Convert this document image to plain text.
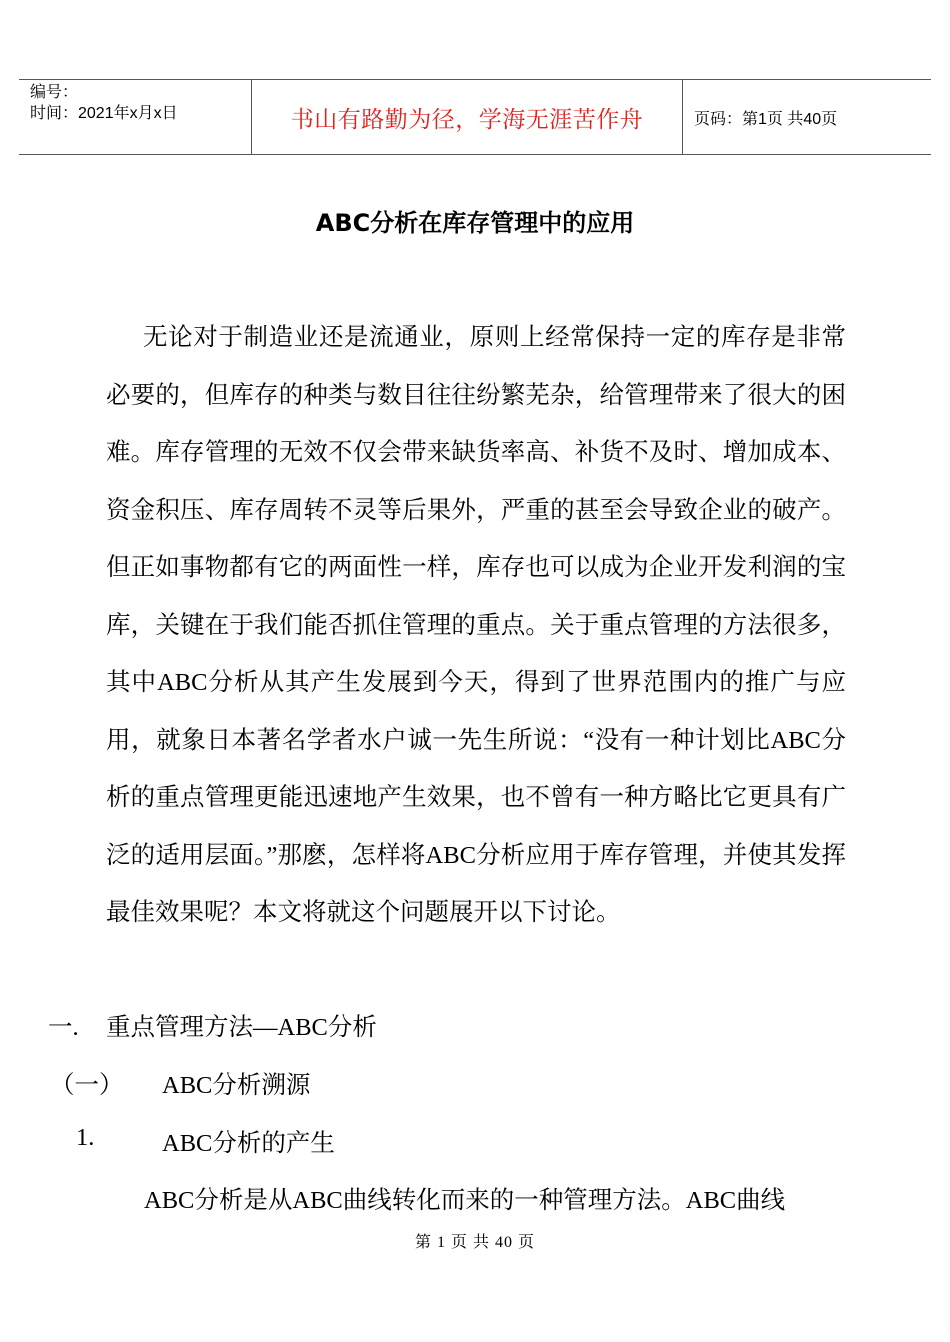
编号：
时间：2021年x月x日	书山有路勤为径，学海无涯苦作舟	页码：第1页 共40页
ABC分析在库存管理中的应用

无论对于制造业还是流通业，原则上经常保持一定的库存是非常必要的，但库存的种类与数目往往纷繁芜杂，给管理带来了很大的困难。库存管理的无效不仅会带来缺货率高、补货不及时、增加成本、资金积压、库存周转不灵等后果外，严重的甚至会导致企业的破产。但正如事物都有它的两面性一样，库存也可以成为企业开发利润的宝库，关键在于我们能否抓住管理的重点。关于重点管理的方法很多，其中ABC分析从其产生发展到今天，得到了世界范围内的推广与应用，就象日本著名学者水户诚一先生所说：“没有一种计划比ABC分析的重点管理更能迅速地产生效果，也不曾有一种方略比它更具有广泛的适用层面。”那麽，怎样将ABC分析应用于库存管理，并使其发挥最佳效果呢？本文将就这个问题展开以下讨论。

一. 重点管理方法—ABC分析
（一） ABC分析溯源
1.	ABC分析的产生
ABC分析是从ABC曲线转化而来的一种管理方法。ABC曲线
第 1 页 共 40 页
